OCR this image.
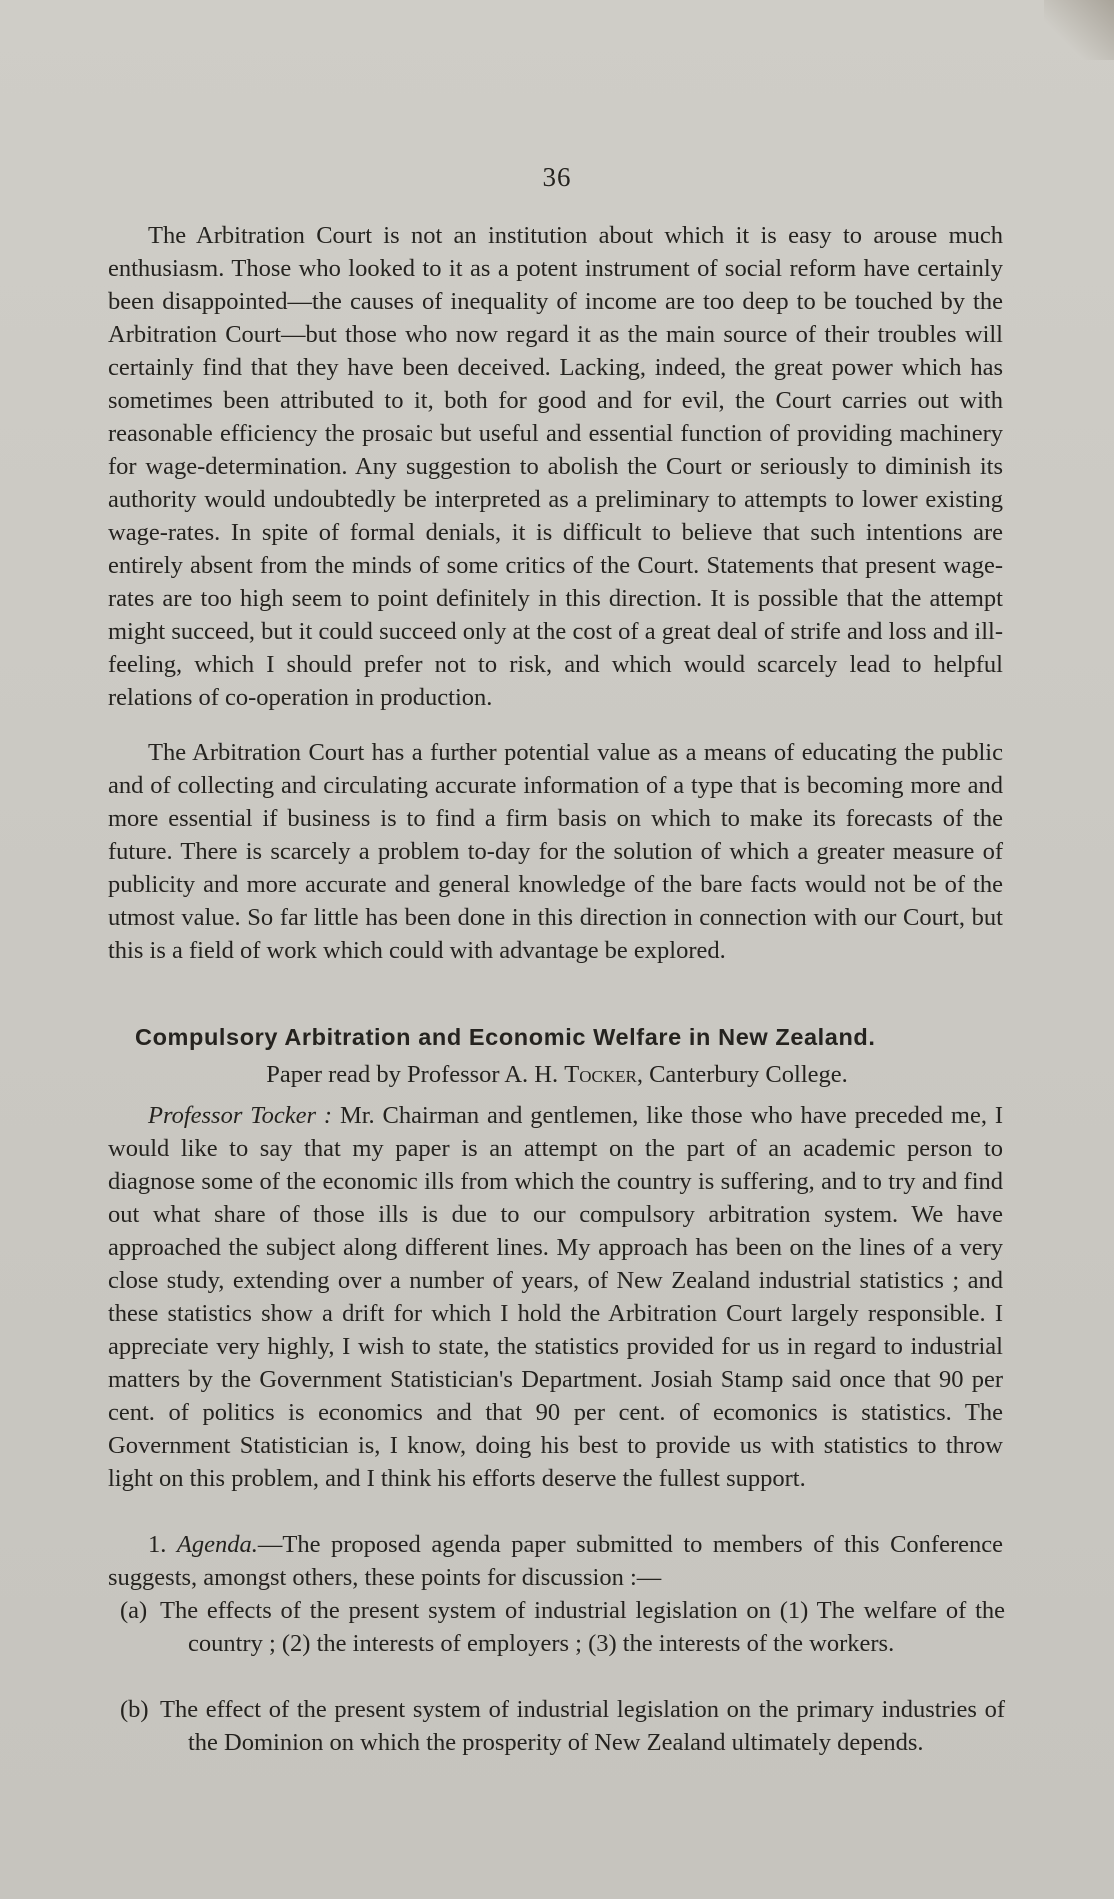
36

The Arbitration Court is not an institution about which it is easy to arouse much enthusiasm. Those who looked to it as a potent instrument of social reform have certainly been disappointed—the causes of inequality of income are too deep to be touched by the Arbitration Court—but those who now regard it as the main source of their troubles will certainly find that they have been deceived. Lacking, indeed, the great power which has sometimes been attributed to it, both for good and for evil, the Court carries out with reasonable efficiency the prosaic but useful and essential function of providing machinery for wage-determination. Any suggestion to abolish the Court or seriously to diminish its authority would undoubtedly be interpreted as a preliminary to attempts to lower existing wage-rates. In spite of formal denials, it is difficult to believe that such intentions are entirely absent from the minds of some critics of the Court. Statements that present wage-rates are too high seem to point definitely in this direction. It is possible that the attempt might succeed, but it could succeed only at the cost of a great deal of strife and loss and ill-feeling, which I should prefer not to risk, and which would scarcely lead to helpful relations of co-operation in production.

The Arbitration Court has a further potential value as a means of educating the public and of collecting and circulating accurate information of a type that is becoming more and more essential if business is to find a firm basis on which to make its forecasts of the future. There is scarcely a problem to-day for the solution of which a greater measure of publicity and more accurate and general knowledge of the bare facts would not be of the utmost value. So far little has been done in this direction in connection with our Court, but this is a field of work which could with advantage be explored.

Compulsory Arbitration and Economic Welfare in New Zealand.
Paper read by Professor A. H. Tocker, Canterbury College.

Professor Tocker : Mr. Chairman and gentlemen, like those who have preceded me, I would like to say that my paper is an attempt on the part of an academic person to diagnose some of the economic ills from which the country is suffering, and to try and find out what share of those ills is due to our compulsory arbitration system. We have approached the subject along different lines. My approach has been on the lines of a very close study, extending over a number of years, of New Zealand industrial statistics ; and these statistics show a drift for which I hold the Arbitration Court largely responsible. I appreciate very highly, I wish to state, the statistics provided for us in regard to industrial matters by the Government Statistician's Department. Josiah Stamp said once that 90 per cent. of politics is economics and that 90 per cent. of ecomonics is statistics. The Government Statistician is, I know, doing his best to provide us with statistics to throw light on this problem, and I think his efforts deserve the fullest support.

1. Agenda.—The proposed agenda paper submitted to members of this Conference suggests, amongst others, these points for discussion :—

(a) The effects of the present system of industrial legislation on (1) The welfare of the country ; (2) the interests of employers ; (3) the interests of the workers.
(b) The effect of the present system of industrial legislation on the primary industries of the Dominion on which the prosperity of New Zealand ultimately depends.
